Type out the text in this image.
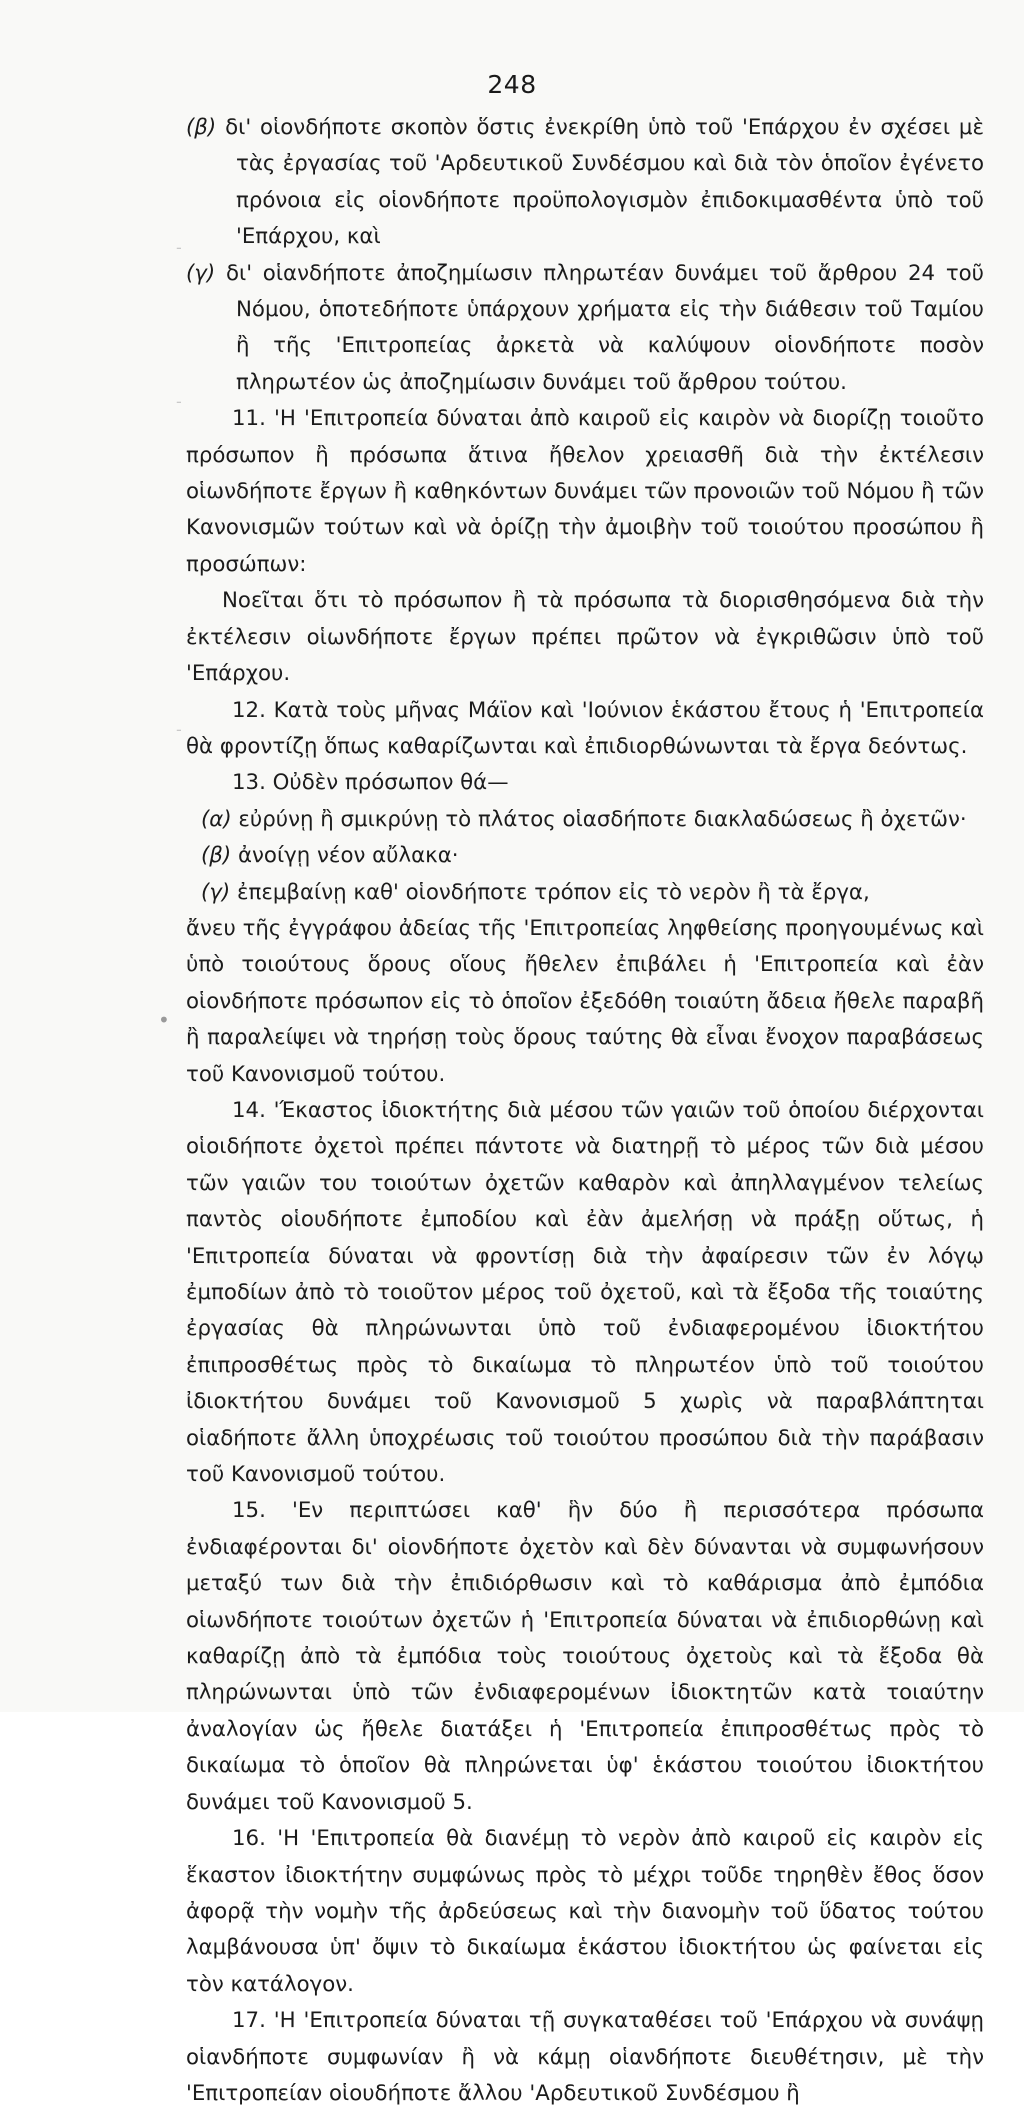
248
-
-
-
•

(β) δι' οἱονδήποτε σκοπὸν ὅστις ἐνεκρίθη ὑπὸ τοῦ 'Επάρχου ἐν σχέσει μὲ τὰς ἐργασίας τοῦ 'Αρδευτικοῦ Συνδέσμου καὶ διὰ τὸν ὁποῖον ἐγένετο πρόνοια εἰς οἱονδήποτε προϋπολογισμὸν ἐπιδοκιμασθέντα ὑπὸ τοῦ 'Επάρχου, καὶ

(γ) δι' οἱανδήποτε ἀποζημίωσιν πληρωτέαν δυνάμει τοῦ ἄρθρου 24 τοῦ Νόμου, ὁποτεδήποτε ὑπάρχουν χρήματα εἰς τὴν διάθεσιν τοῦ Ταμίου ἢ τῆς 'Επιτροπείας ἀρκετὰ νὰ καλύψουν οἱονδήποτε ποσὸν πληρωτέον ὡς ἀποζημίωσιν δυνάμει τοῦ ἄρθρου τούτου.

11. 'Η 'Επιτροπεία δύναται ἀπὸ καιροῦ εἰς καιρὸν νὰ διορίζῃ τοιοῦτο πρόσωπον ἢ πρόσωπα ἅτινα ἤθελον χρειασθῆ διὰ τὴν ἐκτέλεσιν οἱωνδήποτε ἔργων ἢ καθηκόντων δυνάμει τῶν προνοιῶν τοῦ Νόμου ἢ τῶν Κανονισμῶν τούτων καὶ νὰ ὁρίζῃ τὴν ἀμοιβὴν τοῦ τοιούτου προσώπου ἢ προσώπων:

Νοεῖται ὅτι τὸ πρόσωπον ἢ τὰ πρόσωπα τὰ διορισθησόμενα διὰ τὴν ἐκτέλεσιν οἱωνδήποτε ἔργων πρέπει πρῶτον νὰ ἐγκριθῶσιν ὑπὸ τοῦ 'Επάρχου.

12. Κατὰ τοὺς μῆνας Μάϊον καὶ 'Ιούνιον ἑκάστου ἔτους ἡ 'Επιτροπεία θὰ φροντίζῃ ὅπως καθαρίζωνται καὶ ἐπιδιορθώνωνται τὰ ἔργα δεόντως.

13. Οὐδὲν πρόσωπον θά—

(α) εὐρύνῃ ἢ σμικρύνῃ τὸ πλάτος οἱασδήποτε διακλαδώσεως ἢ ὀχετῶν·

(β) ἀνοίγῃ νέον αὔλακα·

(γ) ἐπεμβαίνῃ καθ' οἱονδήποτε τρόπον εἰς τὸ νερὸν ἢ τὰ ἔργα,

ἄνευ τῆς ἐγγράφου ἀδείας τῆς 'Επιτροπείας ληφθείσης προηγουμένως καὶ ὑπὸ τοιούτους ὅρους οἵους ἤθελεν ἐπιβάλει ἡ 'Επιτροπεία καὶ ἐὰν οἱονδήποτε πρόσωπον εἰς τὸ ὁποῖον ἐξεδόθη τοιαύτη ἄδεια ἤθελε παραβῆ ἢ παραλείψει νὰ τηρήσῃ τοὺς ὅρους ταύτης θὰ εἶναι ἔνοχον παραβάσεως τοῦ Κανονισμοῦ τούτου.

14. 'Έκαστος ἰδιοκτήτης διὰ μέσου τῶν γαιῶν τοῦ ὁποίου διέρχονται οἱοιδήποτε ὀχετοὶ πρέπει πάντοτε νὰ διατηρῇ τὸ μέρος τῶν διὰ μέσου τῶν γαιῶν του τοιούτων ὀχετῶν καθαρὸν καὶ ἀπηλλαγμένον τελείως παντὸς οἱουδήποτε ἐμποδίου καὶ ἐὰν ἀμελήσῃ νὰ πράξῃ οὕτως, ἡ 'Επιτροπεία δύναται νὰ φροντίσῃ διὰ τὴν ἀφαίρεσιν τῶν ἐν λόγῳ ἐμποδίων ἀπὸ τὸ τοιοῦτον μέρος τοῦ ὀχετοῦ, καὶ τὰ ἔξοδα τῆς τοιαύτης ἐργασίας θὰ πληρώνωνται ὑπὸ τοῦ ἐνδιαφερομένου ἰδιοκτήτου ἐπιπροσθέτως πρὸς τὸ δικαίωμα τὸ πληρωτέον ὑπὸ τοῦ τοιούτου ἰδιοκτήτου δυνάμει τοῦ Κανονισμοῦ 5 χωρὶς νὰ παραβλάπτηται οἱαδήποτε ἄλλη ὑποχρέωσις τοῦ τοιούτου προσώπου διὰ τὴν παράβασιν τοῦ Κανονισμοῦ τούτου.

15. 'Εν περιπτώσει καθ' ἣν δύο ἢ περισσότερα πρόσωπα ἐνδιαφέρονται δι' οἱονδήποτε ὀχετὸν καὶ δὲν δύνανται νὰ συμφωνήσουν μεταξύ των διὰ τὴν ἐπιδιόρθωσιν καὶ τὸ καθάρισμα ἀπὸ ἐμπόδια οἱωνδήποτε τοιούτων ὀχετῶν ἡ 'Επιτροπεία δύναται νὰ ἐπιδιορθώνῃ καὶ καθαρίζῃ ἀπὸ τὰ ἐμπόδια τοὺς τοιούτους ὀχετοὺς καὶ τὰ ἔξοδα θὰ πληρώνωνται ὑπὸ τῶν ἐνδιαφερομένων ἰδιοκτητῶν κατὰ τοιαύτην ἀναλογίαν ὡς ἤθελε διατάξει ἡ 'Επιτροπεία ἐπιπροσθέτως πρὸς τὸ δικαίωμα τὸ ὁποῖον θὰ πληρώνεται ὑφ' ἑκάστου τοιούτου ἰδιοκτήτου δυνάμει τοῦ Κανονισμοῦ 5.

16. 'Η 'Επιτροπεία θὰ διανέμῃ τὸ νερὸν ἀπὸ καιροῦ εἰς καιρὸν εἰς ἕκαστον ἰδιοκτήτην συμφώνως πρὸς τὸ μέχρι τοῦδε τηρηθὲν ἔθος ὅσον ἀφορᾷ τὴν νομὴν τῆς ἀρδεύσεως καὶ τὴν διανομὴν τοῦ ὕδατος τούτου λαμβάνουσα ὑπ' ὄψιν τὸ δικαίωμα ἑκάστου ἰδιοκτήτου ὡς φαίνεται εἰς τὸν κατάλογον.

17. 'Η 'Επιτροπεία δύναται τῇ συγκαταθέσει τοῦ 'Επάρχου νὰ συνάψῃ οἱανδήποτε συμφωνίαν ἢ νὰ κάμῃ οἱανδήποτε διευθέτησιν, μὲ τὴν 'Επιτροπείαν οἱουδήποτε ἄλλου 'Αρδευτικοῦ Συνδέσμου ἢ
